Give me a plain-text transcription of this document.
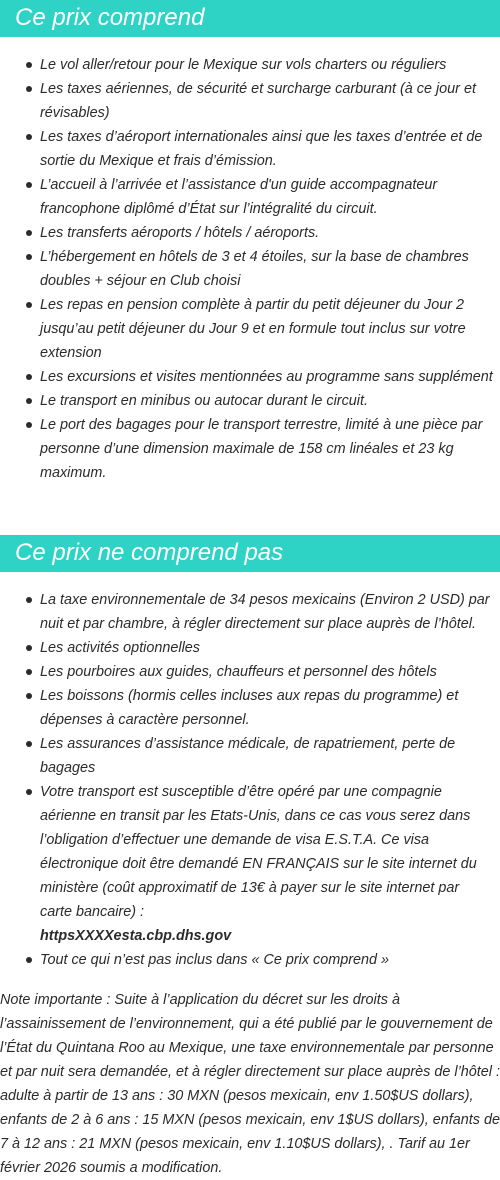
Ce prix comprend
Le vol aller/retour pour le Mexique sur vols charters ou réguliers
Les taxes aériennes, de sécurité et surcharge carburant (à ce jour et révisables)
Les taxes d’aéroport internationales ainsi que les taxes d’entrée et de sortie du Mexique et frais d’émission.
L’accueil à l’arrivée et l’assistance d'un guide accompagnateur francophone diplômé d’État sur l’intégralité du circuit.
Les transferts aéroports / hôtels / aéroports.
L’hébergement en hôtels de 3 et 4 étoiles, sur la base de chambres doubles + séjour en Club choisi
Les repas en pension complète à partir du petit déjeuner du Jour 2 jusqu’au petit déjeuner du Jour 9 et en formule tout inclus sur votre extension
Les excursions et visites mentionnées au programme sans supplément
Le transport en minibus ou autocar durant le circuit.
Le port des bagages pour le transport terrestre, limité à une pièce par personne d’une dimension maximale de 158 cm linéales et 23 kg maximum.
Ce prix ne comprend pas
La taxe environnementale de 34 pesos mexicains (Environ 2 USD) par nuit et par chambre, à régler directement sur place auprès de l’hôtel.
Les activités optionnelles
Les pourboires aux guides, chauffeurs et personnel des hôtels
Les boissons (hormis celles incluses aux repas du programme) et dépenses à caractère personnel.
Les assurances d’assistance médicale, de rapatriement, perte de bagages
Votre transport est susceptible d’être opéré par une compagnie aérienne en transit par les Etats-Unis, dans ce cas vous serez dans l’obligation d’effectuer une demande de visa E.S.T.A. Ce visa électronique doit être demandé EN FRANÇAIS sur le site internet du ministère (coût approximatif de 13€ à payer sur le site internet par carte bancaire) :
httpsXXXXesta.cbp.dhs.gov
Tout ce qui n’est pas inclus dans « Ce prix comprend »

Note importante : Suite à l’application du décret sur les droits à l’assainissement de l’environnement, qui a été publié par le gouvernement de l’État du Quintana Roo au Mexique, une taxe environnementale par personne et par nuit sera demandée, et à régler directement sur place auprès de l’hôtel : adulte à partir de 13 ans : 30 MXN (pesos mexicain, env 1.50$US dollars), enfants de 2 à 6 ans : 15 MXN (pesos mexicain, env 1$US dollars), enfants de 7 à 12 ans : 21 MXN (pesos mexicain, env 1.10$US dollars), . Tarif au 1er février 2026 soumis a modification.
